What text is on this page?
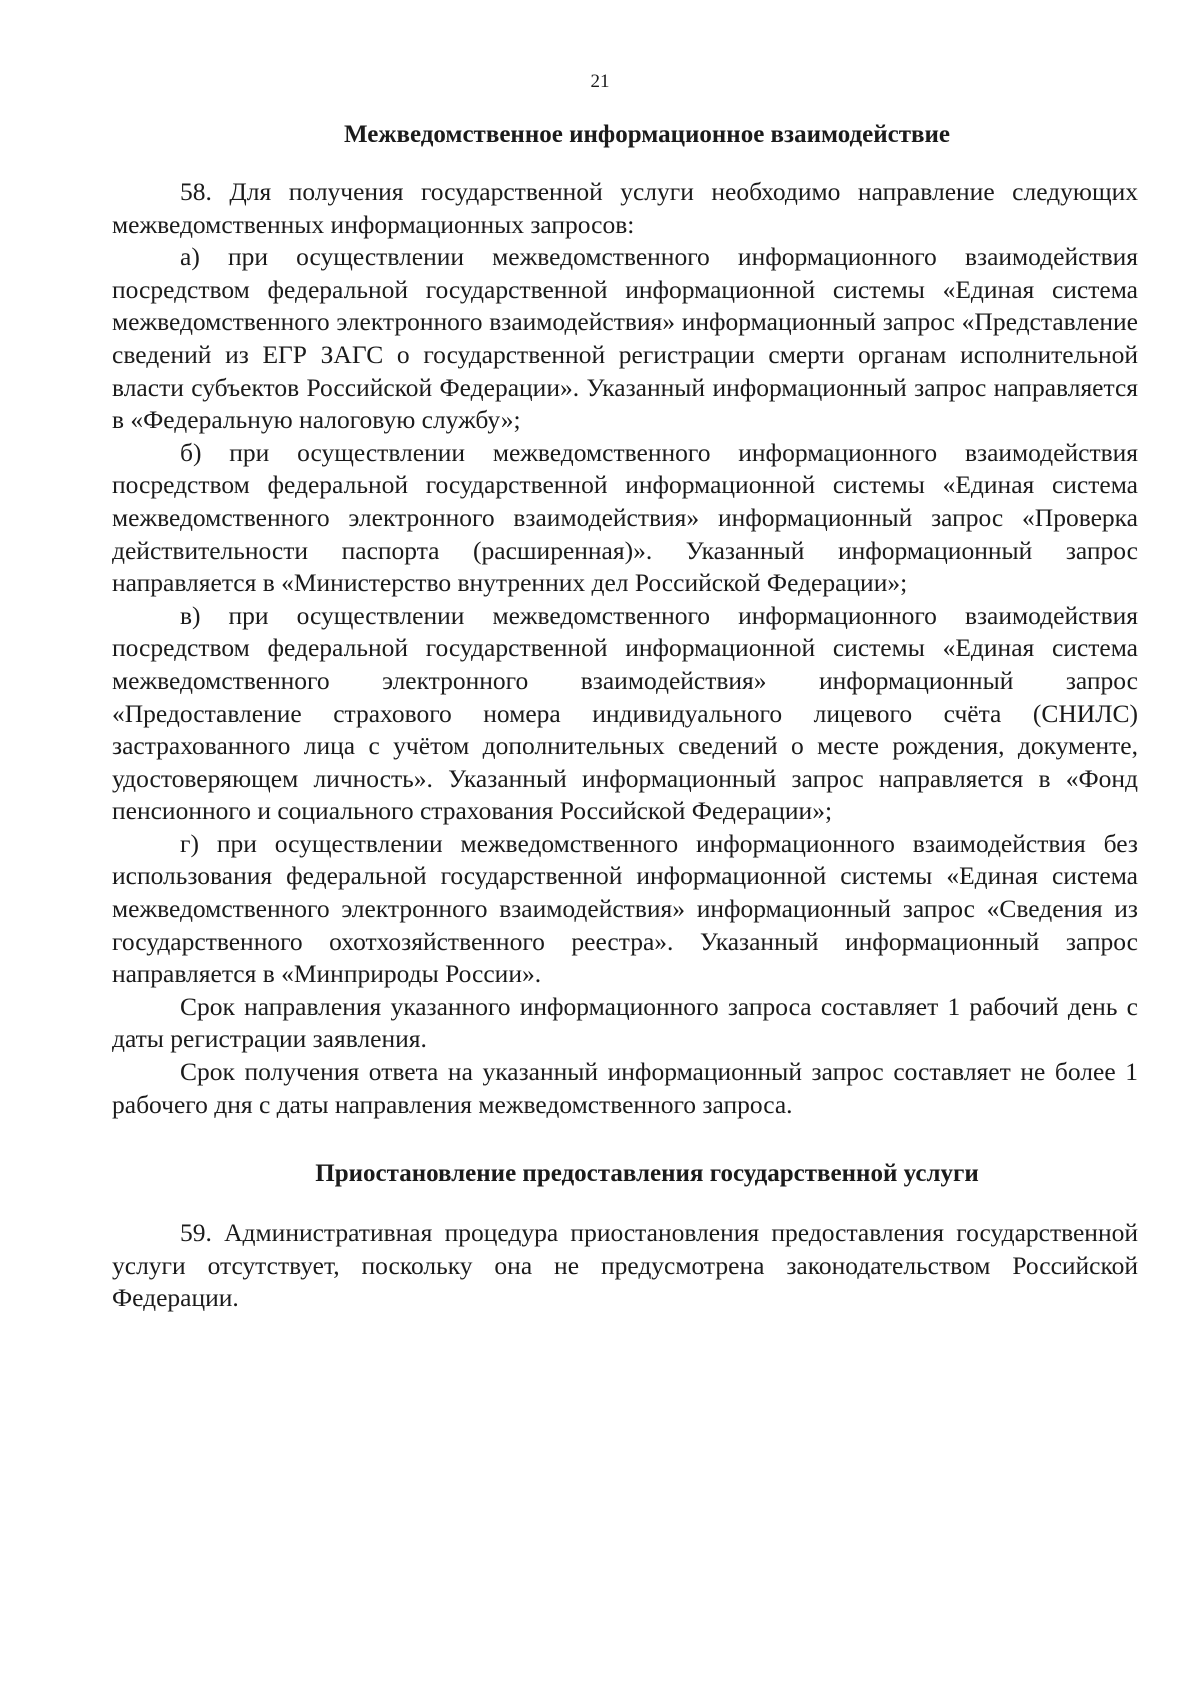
21
Межведомственное информационное взаимодействие

58. Для получения государственной услуги необходимо направление следующих межведомственных информационных запросов:

а) при осуществлении межведомственного информационного взаимодействия посредством федеральной государственной информационной системы «Единая система межведомственного электронного взаимодействия» информационный запрос «Представление сведений из ЕГР ЗАГС о государственной регистрации смерти органам исполнительной власти субъектов Российской Федерации». Указанный информационный запрос направляется в «Федеральную налоговую службу»;

б) при осуществлении межведомственного информационного взаимодействия посредством федеральной государственной информационной системы «Единая система межведомственного электронного взаимодействия» информационный запрос «Проверка действительности паспорта (расширенная)». Указанный информационный запрос направляется в «Министерство внутренних дел Российской Федерации»;

в) при осуществлении межведомственного информационного взаимодействия посредством федеральной государственной информационной системы «Единая система межведомственного электронного взаимодействия» информационный запрос «Предоставление страхового номера индивидуального лицевого счёта (СНИЛС) застрахованного лица с учётом дополнительных сведений о месте рождения, документе, удостоверяющем личность». Указанный информационный запрос направляется в «Фонд пенсионного и социального страхования Российской Федерации»;

г) при осуществлении межведомственного информационного взаимодействия без использования федеральной государственной информационной системы «Единая система межведомственного электронного взаимодействия» информационный запрос «Сведения из государственного охотхозяйственного реестра». Указанный информационный запрос направляется в «Минприроды России».

Срок направления указанного информационного запроса составляет 1 рабочий день с даты регистрации заявления.

Срок получения ответа на указанный информационный запрос составляет не более 1 рабочего дня с даты направления межведомственного запроса.

Приостановление предоставления государственной услуги

59. Административная процедура приостановления предоставления государственной услуги отсутствует, поскольку она не предусмотрена законодательством Российской Федерации.
